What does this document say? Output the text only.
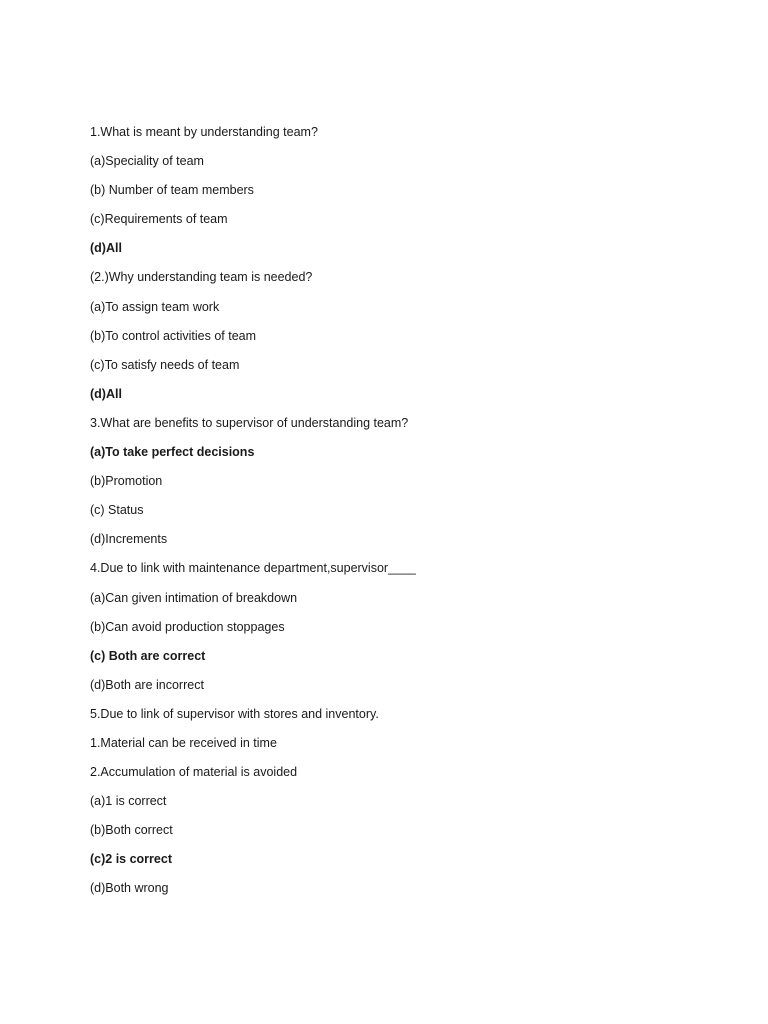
1.What is meant by understanding team?
(a)Speciality of team
(b) Number of team members
(c)Requirements of team
(d)All
(2.)Why understanding team is needed?
(a)To assign team work
(b)To control activities of team
(c)To satisfy needs of team
(d)All
3.What are benefits to supervisor of understanding team?
(a)To take perfect decisions
(b)Promotion
(c) Status
(d)Increments
4.Due to link with maintenance department,supervisor____
(a)Can given intimation of breakdown
(b)Can avoid production stoppages
(c) Both are correct
(d)Both are incorrect
5.Due to link of supervisor with stores and inventory.
1.Material can be received in time
2.Accumulation of material is avoided
(a)1 is correct
(b)Both correct
(c)2 is correct
(d)Both wrong
